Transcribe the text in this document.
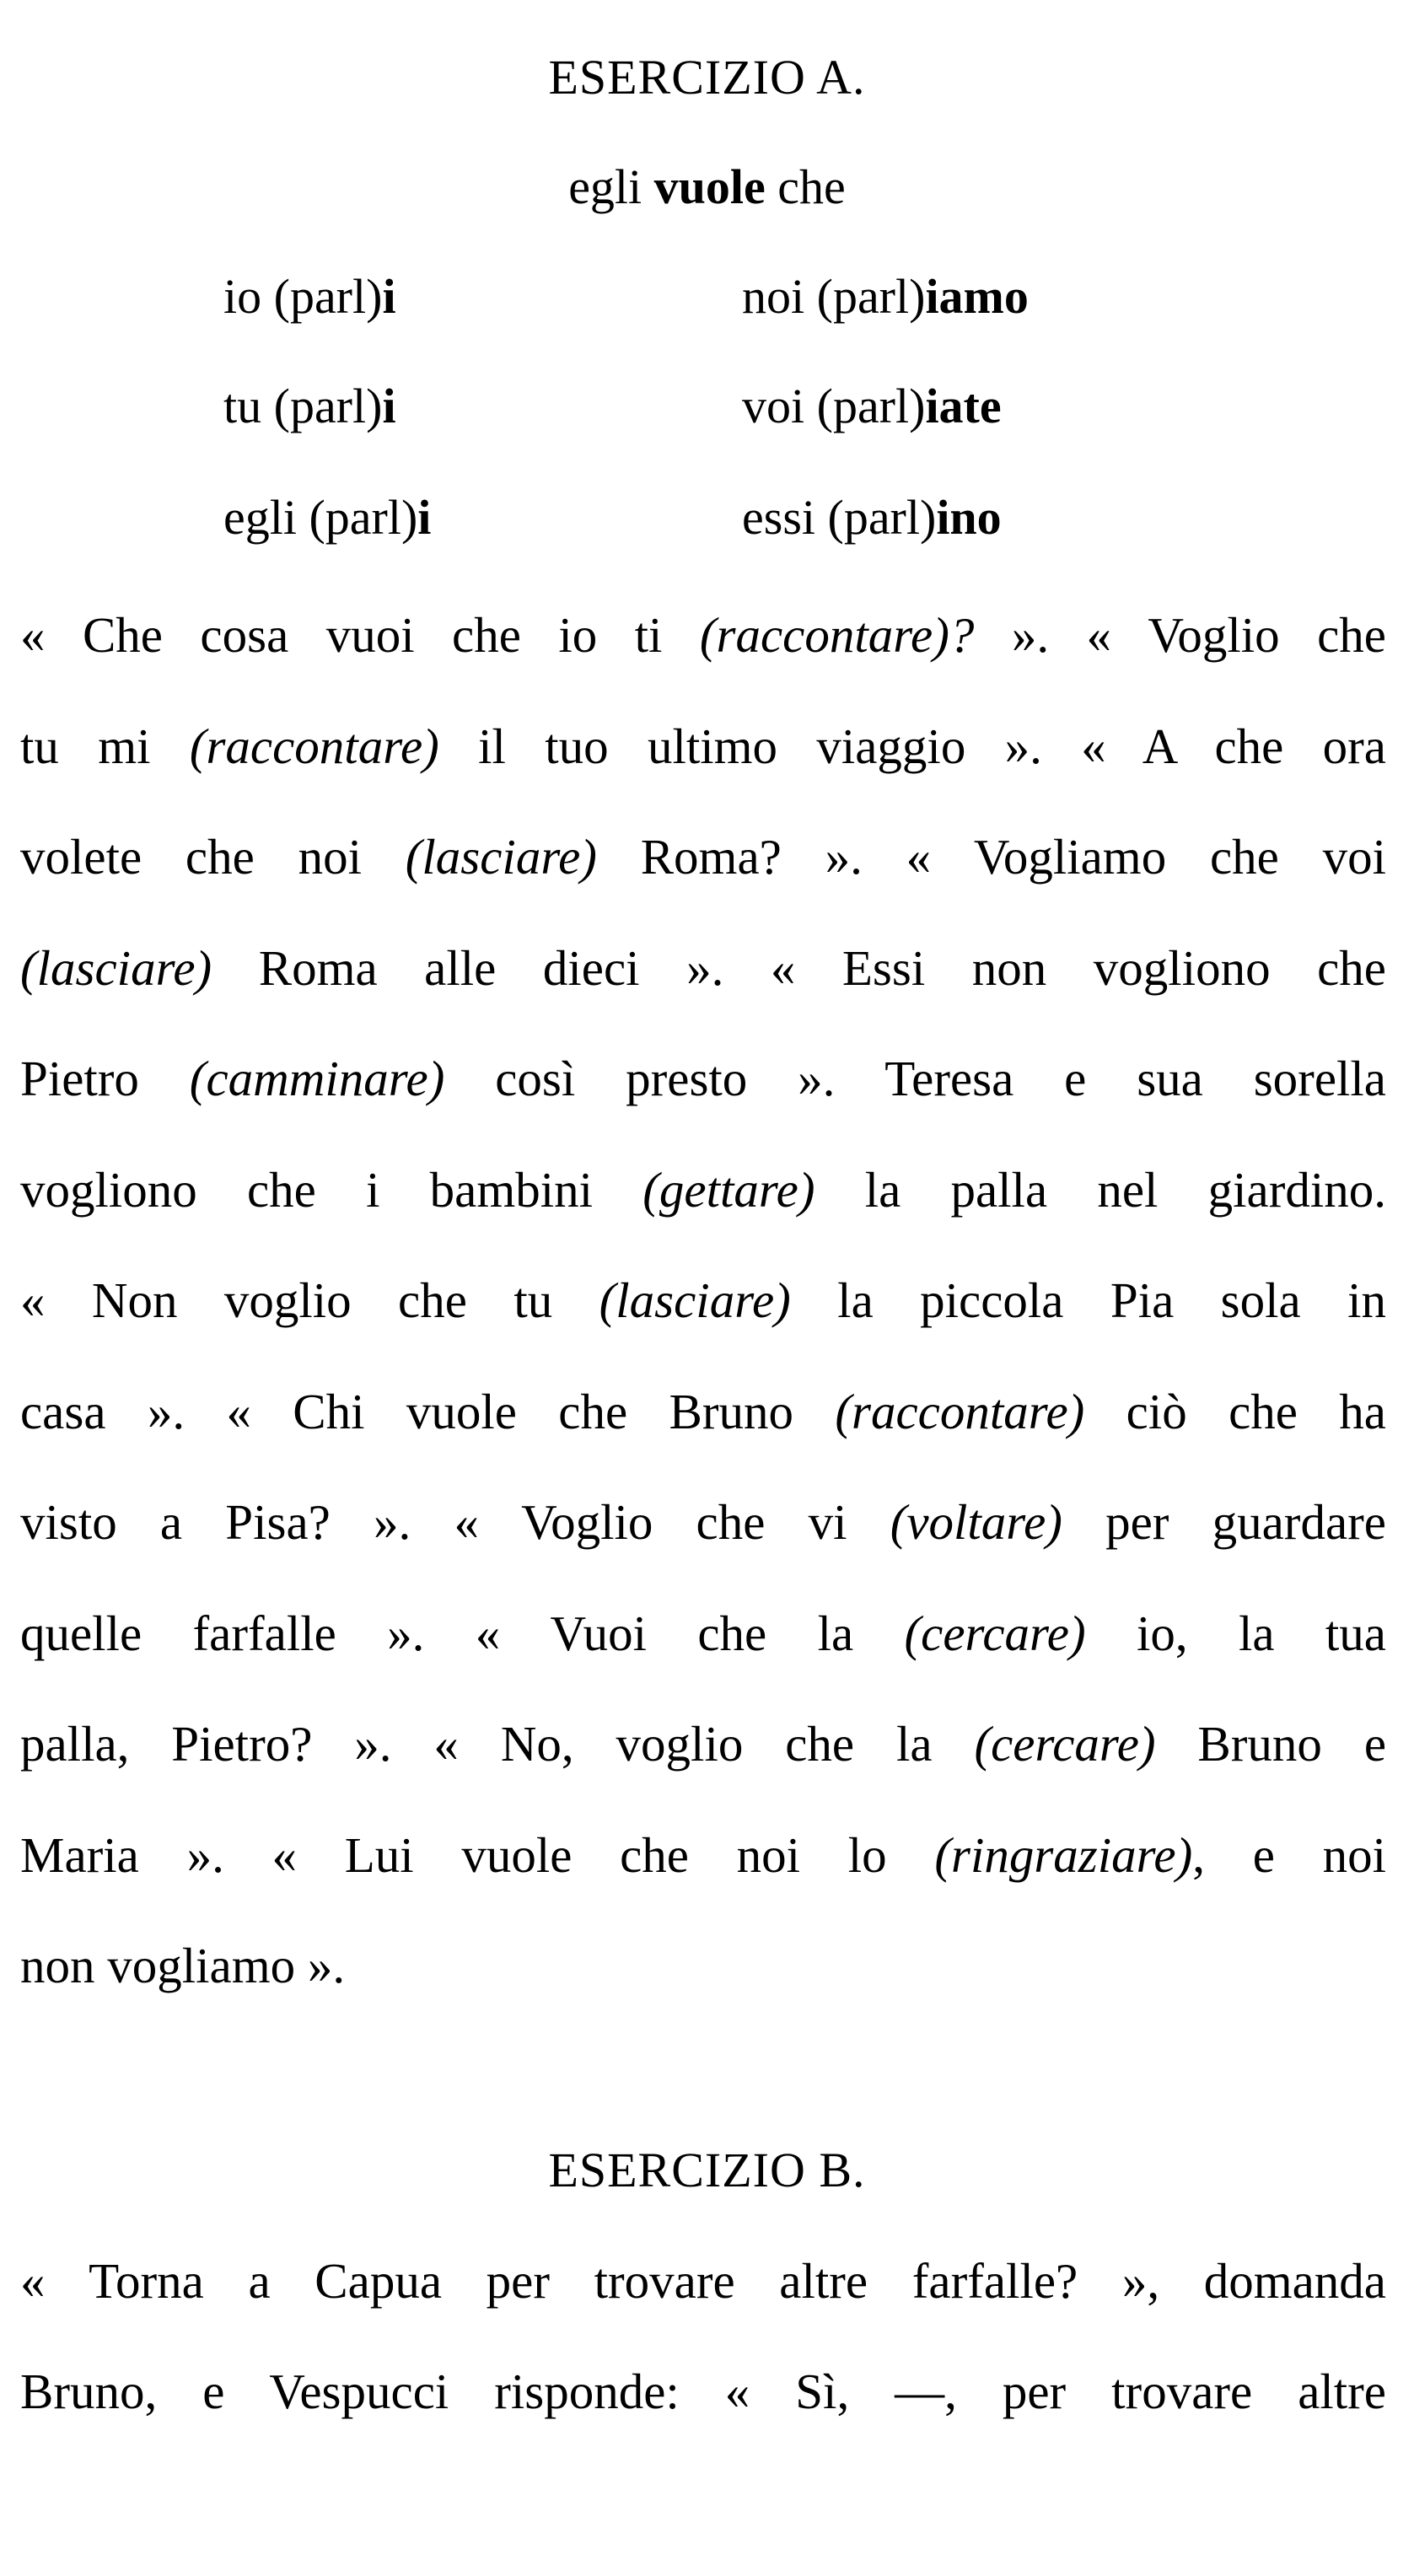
ESERCIZIO A.
egli vuole che
io (parl)i
tu (parl)i
egli (parl)i
noi (parl)iamo
voi (parl)iate
essi (parl)ino
« Che cosa vuoi che io ti (raccontare)? ». « Voglio che
tu mi (raccontare) il tuo ultimo viaggio ». « A che ora
volete che noi (lasciare) Roma? ». « Vogliamo che voi
(lasciare) Roma alle dieci ». « Essi non vogliono che
Pietro (camminare) così presto ». Teresa e sua sorella
vogliono che i bambini (gettare) la palla nel giardino.
« Non voglio che tu (lasciare) la piccola Pia sola in
casa ». « Chi vuole che Bruno (raccontare) ciò che ha
visto a Pisa? ». « Voglio che vi (voltare) per guardare
quelle farfalle ». « Vuoi che la (cercare) io, la tua
palla, Pietro? ». « No, voglio che la (cercare) Bruno e
Maria ». « Lui vuole che noi lo (ringraziare), e noi
non vogliamo ».
ESERCIZIO B.
« Torna a Capua per trovare altre farfalle? », domanda
Bruno, e Vespucci risponde: « Sì, —, per trovare altre
